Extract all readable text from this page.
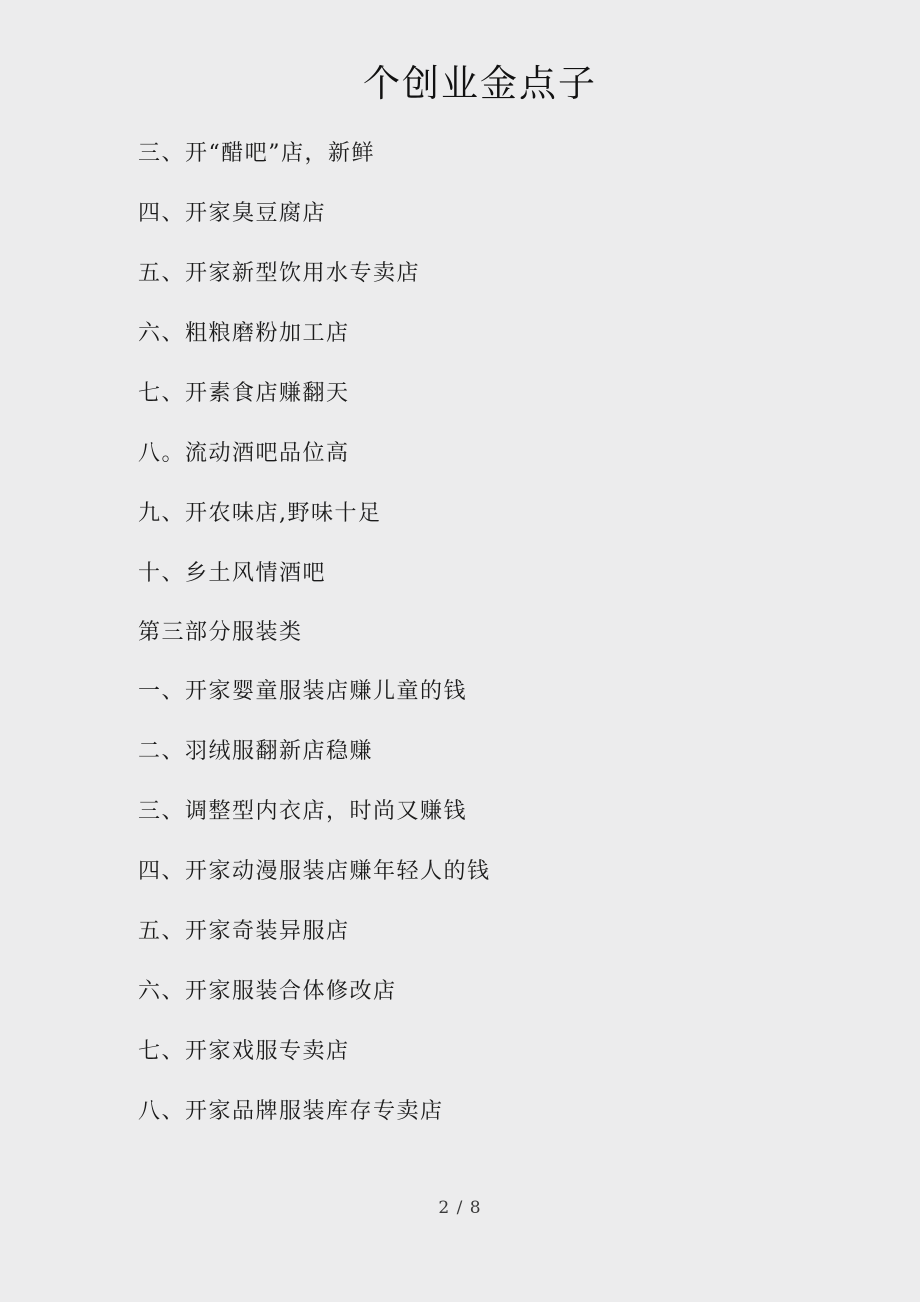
个创业金点子
三、开“醋吧”店，新鲜
四、开家臭豆腐店
五、开家新型饮用水专卖店
六、粗粮磨粉加工店
七、开素食店赚翻天
八。流动酒吧品位高
九、开农味店,野味十足
十、乡土风情酒吧
第三部分服装类
一、开家婴童服装店赚儿童的钱
二、羽绒服翻新店稳赚
三、调整型内衣店，时尚又赚钱
四、开家动漫服装店赚年轻人的钱
五、开家奇装异服店
六、开家服装合体修改店
七、开家戏服专卖店
八、开家品牌服装库存专卖店
2 / 8
